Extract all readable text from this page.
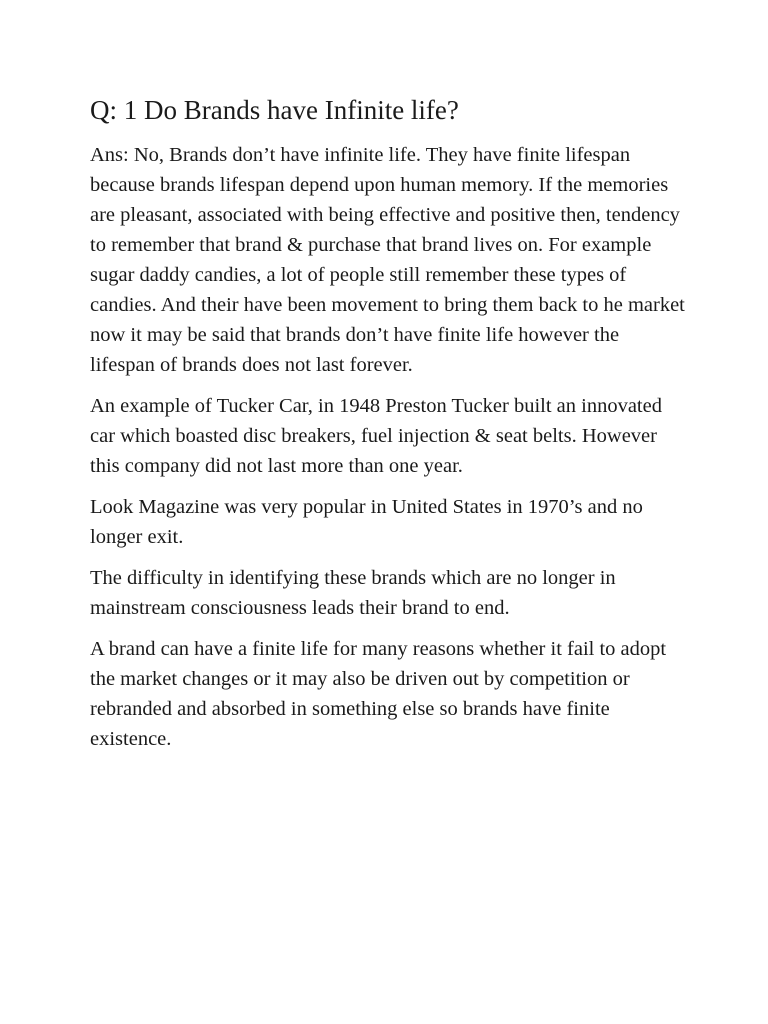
Q: 1 Do Brands have Infinite life?

Ans: No, Brands don’t have infinite life. They have finite lifespan because brands lifespan depend upon human memory. If the memories are pleasant, associated with being effective and positive then, tendency to remember that brand & purchase that brand lives on. For example sugar daddy candies, a lot of people still remember these types of candies. And their have been movement to bring them back to he market now it may be said that brands don’t have finite life however the lifespan of brands does not last forever.

An example of Tucker Car, in 1948 Preston Tucker built an innovated car which boasted disc breakers, fuel injection & seat belts. However this company did not last more than one year.

Look Magazine was very popular in United States in 1970’s and no longer exit.

The difficulty in identifying these brands which are no longer in mainstream consciousness leads their brand to end.

A brand can have a finite life for many reasons whether it fail to adopt the market changes or it may also be driven out by competition or rebranded and absorbed in something else so brands have finite existence.
